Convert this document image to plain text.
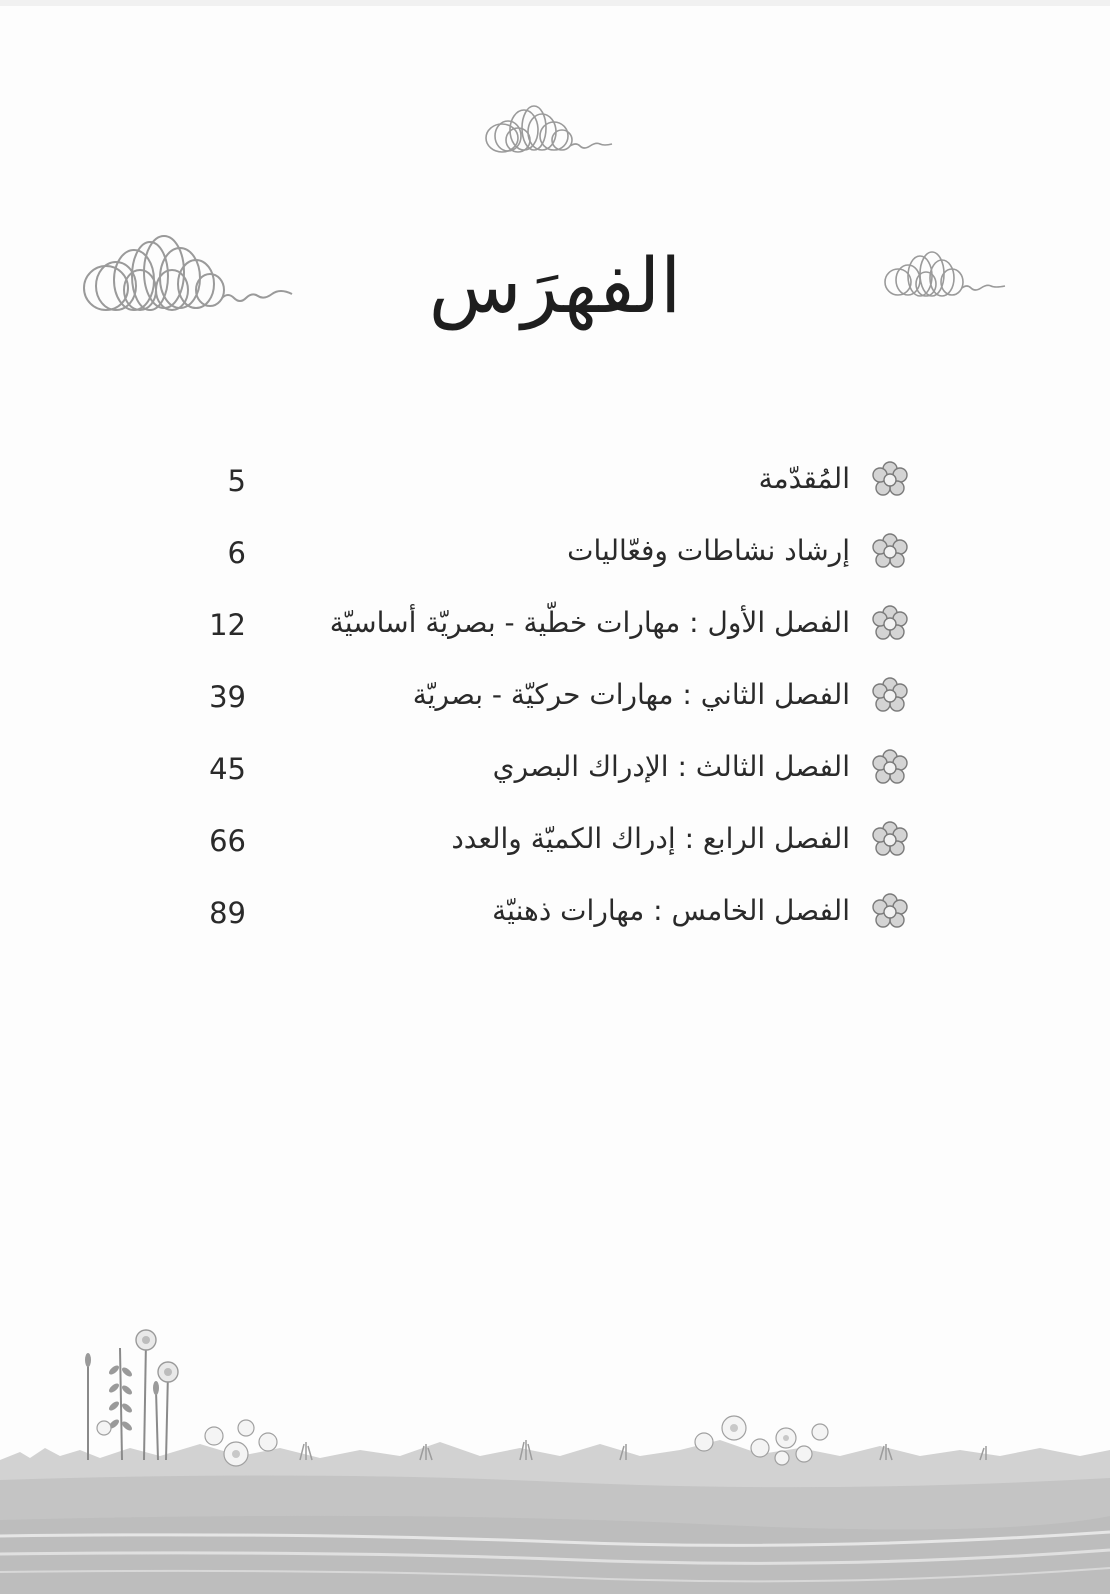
الفهرَس
المُقدّمة
5
إرشاد نشاطات وفعّاليات
6
الفصل الأول : مهارات خطّية - بصريّة أساسيّة
12
الفصل الثاني : مهارات حركيّة - بصريّة
39
الفصل الثالث : الإدراك البصري
45
الفصل الرابع : إدراك الكميّة والعدد
66
الفصل الخامس : مهارات ذهنيّة
89
